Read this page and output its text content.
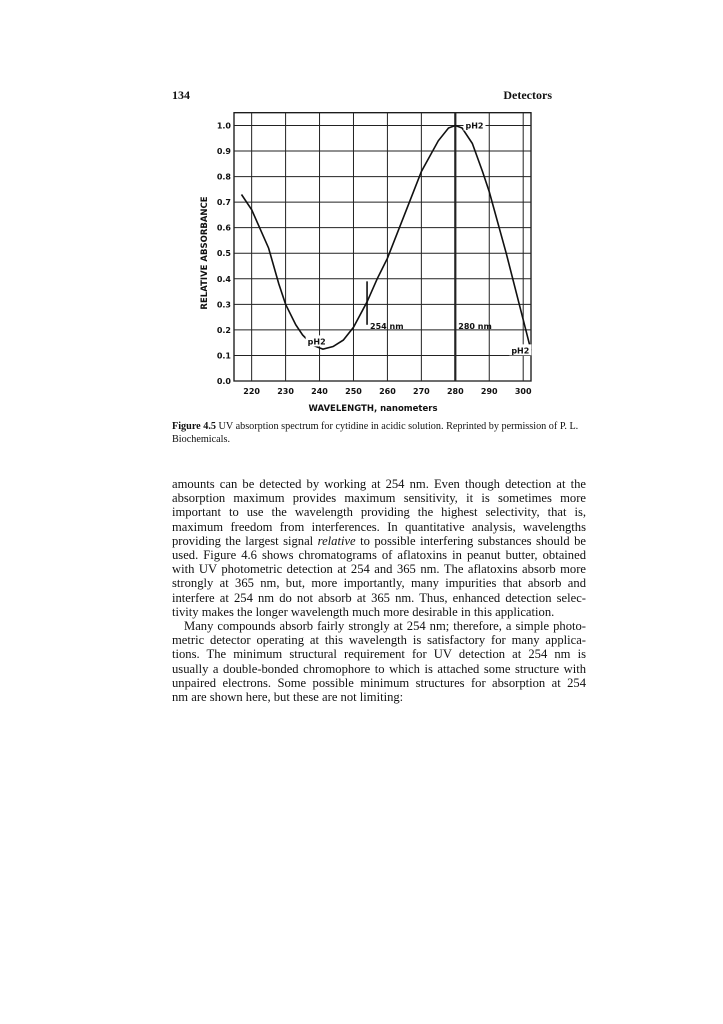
134	Detectors
220 230 240 250 260 270 280 290 300
0.0
0.1
0.2
0.3
0.4
0.5
0.6
0.7
0.8
0.9
1.0
254 nm	280 nm
pH2
pH2
pH2
WAVELENGTH, nanometers
RELATIVE ABSORBANCE
Figure 4.5 UV absorption spectrum for cytidine in acidic solution. Reprinted by permission of P. L. Biochemicals.

amounts can be detected by working at 254 nm. Even though detection at the

absorption maximum provides maximum sensitivity, it is sometimes more

important to use the wavelength providing the highest selectivity, that is,

maximum freedom from interferences. In quantitative analysis, wavelengths

providing the largest signal relative to possible interfering substances should be

used. Figure 4.6 shows chromatograms of aflatoxins in peanut butter, obtained

with UV photometric detection at 254 and 365 nm. The aflatoxins absorb more

strongly at 365 nm, but, more importantly, many impurities that absorb and

interfere at 254 nm do not absorb at 365 nm. Thus, enhanced detection selec-

tivity makes the longer wavelength much more desirable in this application.

Many compounds absorb fairly strongly at 254 nm; therefore, a simple photo-

metric detector operating at this wavelength is satisfactory for many applica-

tions. The minimum structural requirement for UV detection at 254 nm is

usually a double-bonded chromophore to which is attached some structure with

unpaired electrons. Some possible minimum structures for absorption at 254

nm are shown here, but these are not limiting:
